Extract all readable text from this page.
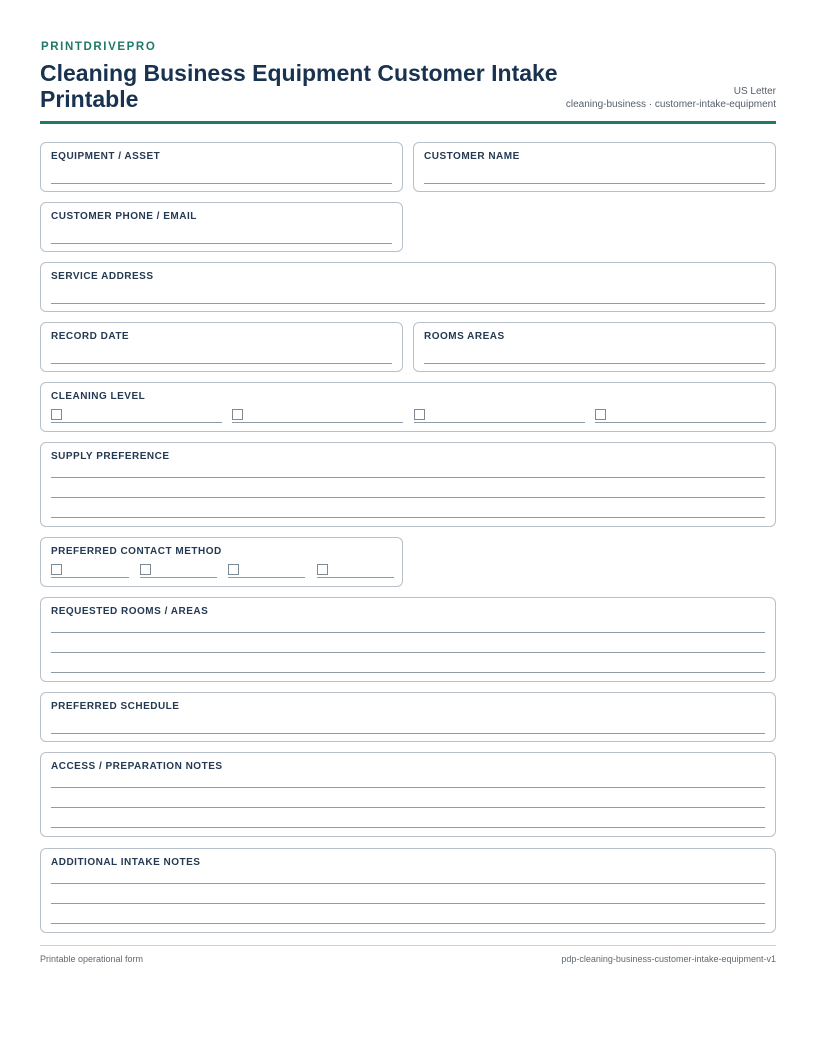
PRINTDRIVEPRO
Cleaning Business Equipment Customer Intake Printable	US Letter
cleaning-business · customer-intake-equipment
EQUIPMENT / ASSET	CUSTOMER NAME
CUSTOMER PHONE / EMAIL
SERVICE ADDRESS
RECORD DATE	ROOMS AREAS
CLEANING LEVEL
SUPPLY PREFERENCE
PREFERRED CONTACT METHOD
REQUESTED ROOMS / AREAS
PREFERRED SCHEDULE
ACCESS / PREPARATION NOTES
ADDITIONAL INTAKE NOTES
Printable operational form	pdp-cleaning-business-customer-intake-equipment-v1
